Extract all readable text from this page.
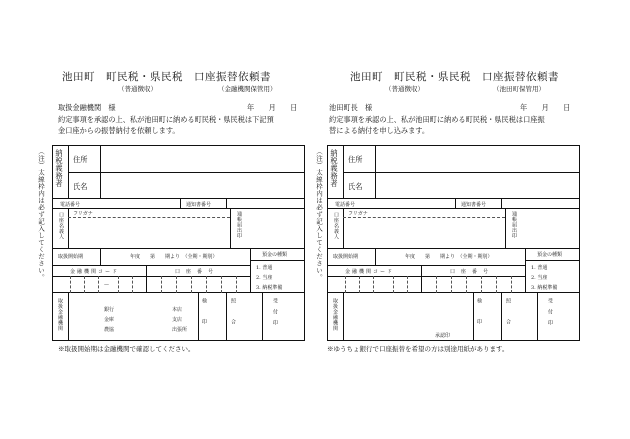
池田町　町民税・県民税　口座振替依頼書
（普通徴収）	（金融機関保管用）
取扱金融機関　様	年　　月　　日
約定事項を承認の上、私が池田町に納める町民税・県民税は下記預
金口座からの振替納付を依頼します。
（注）太線枠内は必ず記入してください。 納税義務者 住所
氏名
電話番号	通知書番号
口座名義人 フリガナ	通帳届出印
取扱開始期	年度　　第　　期より　（全期・期別）	預金の種類
金融機関コード	口座番号
—
1. 普通
2. 当座
3. 納税準備
取扱金融機関	銀行
金庫
農協
本店
支店
出張所	検印	照合	受付印
※取扱開始期は金融機関で確認してください。
池田町　町民税・県民税　口座振替依頼書
（普通徴収）	（池田町保管用）
池田町長　様	年　　月　　日
約定事項を承認の上、私が池田町に納める町民税・県民税は口座振
替による納付を申し込みます。
（注）太線枠内は必ず記入してください。 納税義務者 住所
氏名
電話番号	通知書番号
口座名義人 フリガナ	通帳届出印
取扱開始期	年度　　第　　期より　（全期・期別）	預金の種類
金融機関コード	口座番号
1. 普通
2. 当座
3. 納税準備
取扱金融機関
承認印	検印	照合	受付印
※ゆうちょ銀行で口座振替を希望の方は別途用紙があります。
